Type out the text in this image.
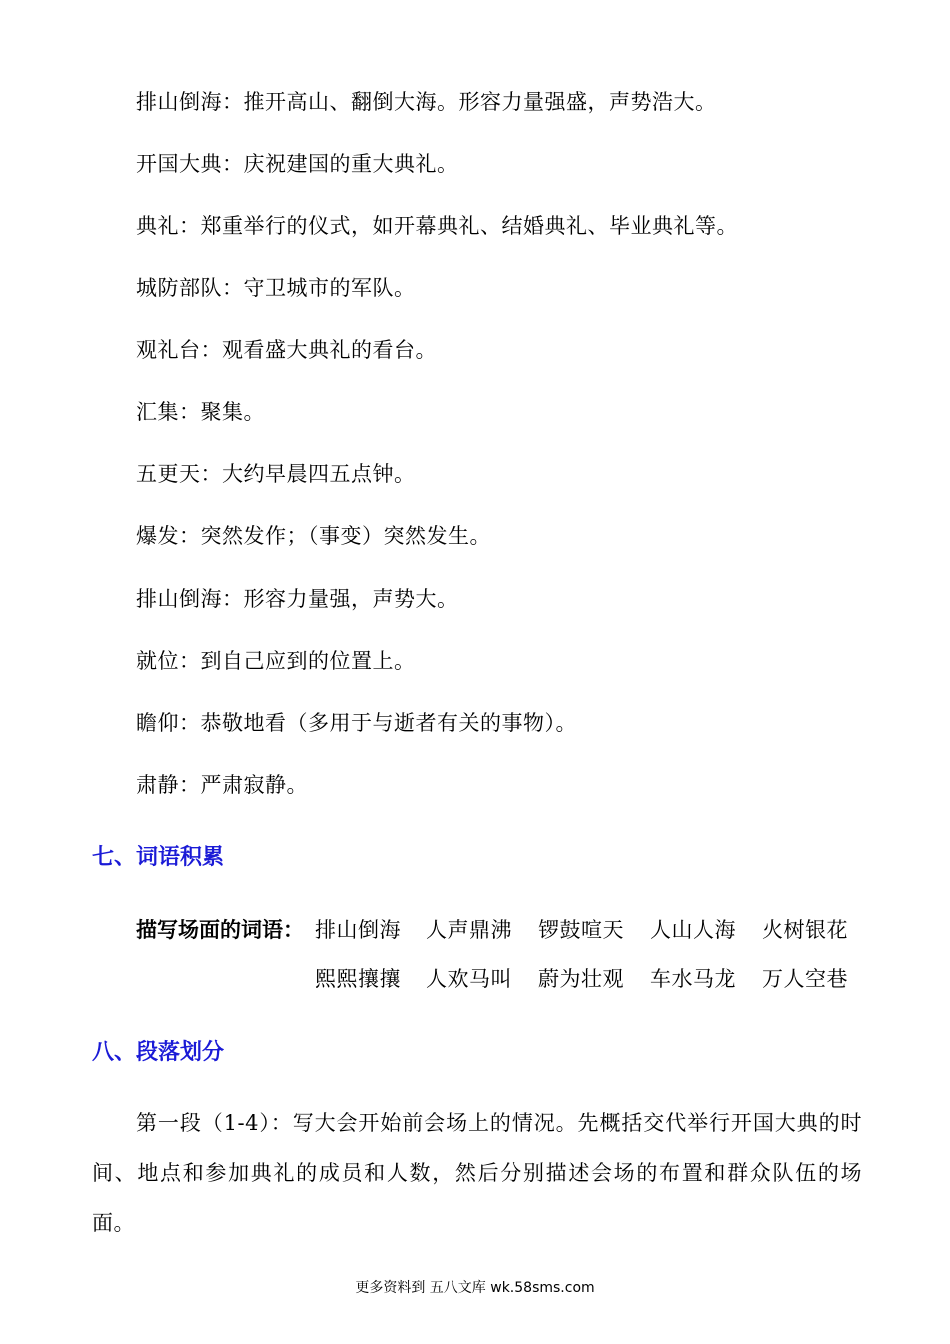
排山倒海：推开高山、翻倒大海。形容力量强盛，声势浩大。
开国大典：庆祝建国的重大典礼。
典礼：郑重举行的仪式，如开幕典礼、结婚典礼、毕业典礼等。
城防部队：守卫城市的军队。
观礼台：观看盛大典礼的看台。
汇集：聚集。
五更天：大约早晨四五点钟。
爆发：突然发作；（事变）突然发生。
排山倒海：形容力量强，声势大。
就位：到自己应到的位置上。
瞻仰：恭敬地看（多用于与逝者有关的事物）。
肃静：严肃寂静。
七、词语积累
描写场面的词语： 排山倒海 人声鼎沸 锣鼓喧天 人山人海 火树银花
熙熙攘攘 人欢马叫 蔚为壮观 车水马龙 万人空巷
八、段落划分
第一段（1-4）：写大会开始前会场上的情况。先概括交代举行开国大典的时间、地点和参加典礼的成员和人数，然后分别描述会场的布置和群众队伍的场面。
更多资料到 五八文库 wk.58sms.com
